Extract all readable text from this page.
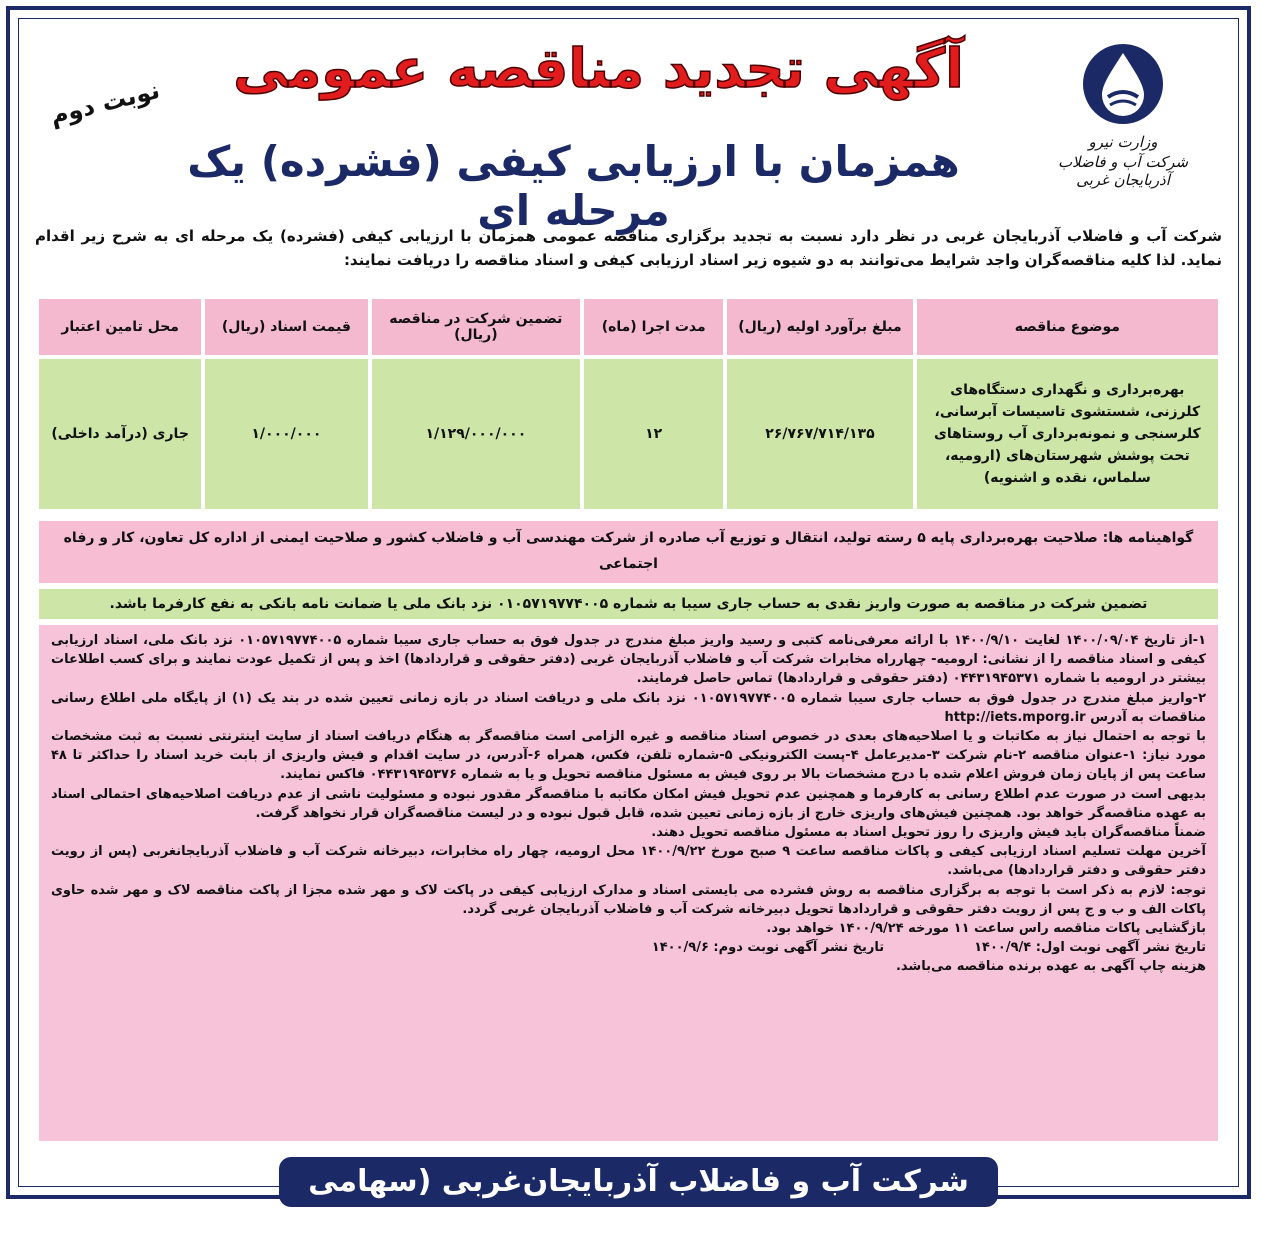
وزارت نیرو
شرکت آب و فاضلاب آذربایجان غربی
آگهی تجدید مناقصه عمومی
همزمان با ارزیابی کیفی (فشرده) یک مرحله ای
نوبت دوم
شرکت آب و فاضلاب آذربایجان غربی در نظر دارد نسبت به تجدید برگزاری مناقصه عمومی همزمان با ارزیابی کیفی (فشرده) یک مرحله ای به شرح زیر اقدام نماید. لذا کلیه مناقصه‌گران واجد شرایط می‌توانند به دو شیوه زیر اسناد ارزیابی کیفی و اسناد مناقصه را دریافت نمایند:
موضوع مناقصه	مبلغ برآورد اولیه (ریال)	مدت اجرا (ماه)	تضمین شرکت در مناقصه (ریال)	قیمت اسناد (ریال)	محل تامین اعتبار
بهره‌برداری و نگهداری دستگاه‌های کلرزنی، شستشوی تاسیسات آبرسانی، کلرسنجی و نمونه‌برداری آب روستاهای تحت پوشش شهرستان‌های (ارومیه، سلماس، نقده و اشنویه)	۲۶/۷۶۷/۷۱۴/۱۳۵	۱۲	۱/۱۲۹/۰۰۰/۰۰۰	۱/۰۰۰/۰۰۰	جاری (درآمد داخلی)
گواهینامه ها: صلاحیت بهره‌برداری پایه ۵ رسته تولید، انتقال و توزیع آب صادره از شرکت مهندسی آب و فاضلاب کشور و صلاحیت ایمنی از اداره کل تعاون، کار و رفاه اجتماعی
تضمین شرکت در مناقصه به صورت واریز نقدی به حساب جاری سیبا به شماره ۰۱۰۵۷۱۹۷۷۴۰۰۵ نزد بانک ملی یا ضمانت نامه بانکی به نفع کارفرما باشد.

۱-از تاریخ ۱۴۰۰/۰۹/۰۴ لغایت ۱۴۰۰/۹/۱۰ با ارائه معرفی‌نامه کتبی و رسید واریز مبلغ مندرج در جدول فوق به حساب جاری سیبا شماره ۰۱۰۵۷۱۹۷۷۴۰۰۵ نزد بانک ملی، اسناد ارزیابی کیفی و اسناد مناقصه را از نشانی: ارومیه- چهارراه مخابرات شرکت آب و فاضلاب آذربایجان غربی (دفتر حقوقی و قراردادها) اخذ و پس از تکمیل عودت نمایند و برای کسب اطلاعات بیشتر در ارومیه با شماره ۰۴۴۳۱۹۴۵۳۷۱ (دفتر حقوقی و قراردادها) تماس حاصل فرمایند.

۲-واریز مبلغ مندرج در جدول فوق به حساب جاری سیبا شماره ۰۱۰۵۷۱۹۷۷۴۰۰۵ نزد بانک ملی و دریافت اسناد در بازه زمانی تعیین شده در بند یک (۱) از پایگاه ملی اطلاع رسانی مناقصات به آدرس http://iets.mporg.ir

با توجه به احتمال نیاز به مکاتبات و یا اصلاحیه‌های بعدی در خصوص اسناد مناقصه و غیره الزامی است مناقصه‌گر به هنگام دریافت اسناد از سایت اینترنتی نسبت به ثبت مشخصات مورد نیاز: ۱-عنوان مناقصه ۲-نام شرکت ۳-مدیرعامل ۴-پست الکترونیکی ۵-شماره تلفن، فکس، همراه ۶-آدرس، در سایت اقدام و فیش واریزی از بابت خرید اسناد را حداکثر تا ۴۸ ساعت پس از پایان زمان فروش اعلام شده با درج مشخصات بالا بر روی فیش به مسئول مناقصه تحویل و یا به شماره ۰۴۴۳۱۹۴۵۳۷۶ فاکس نمایند.

بدیهی است در صورت عدم اطلاع رسانی به کارفرما و همچنین عدم تحویل فیش امکان مکاتبه با مناقصه‌گر مقدور نبوده و مسئولیت ناشی از عدم دریافت اصلاحیه‌های احتمالی اسناد به عهده مناقصه‌گر خواهد بود. همچنین فیش‌های واریزی خارج از بازه زمانی تعیین شده، قابل قبول نبوده و در لیست مناقصه‌گران قرار نخواهد گرفت.

ضمناً مناقصه‌گران باید فیش واریزی را روز تحویل اسناد به مسئول مناقصه تحویل دهند.

آخرین مهلت تسلیم اسناد ارزیابی کیفی و پاکات مناقصه ساعت ۹ صبح مورخ ۱۴۰۰/۹/۲۲ محل ارومیه، چهار راه مخابرات، دبیرخانه شرکت آب و فاضلاب آذربایجانغربی (پس از رویت دفتر حقوقی و دفتر قراردادها) می‌باشد.

توجه: لازم به ذکر است با توجه به برگزاری مناقصه به روش فشرده می بایستی اسناد و مدارک ارزیابی کیفی در پاکت لاک و مهر شده مجزا از پاکت مناقصه لاک و مهر شده حاوی پاکات الف و ب و ج پس از رویت دفتر حقوقی و قراردادها تحویل دبیرخانه شرکت آب و فاضلاب آذربایجان غربی گردد.

بازگشایی پاکات مناقصه راس ساعت ۱۱ مورخه ۱۴۰۰/۹/۲۴ خواهد بود.

تاریخ نشر آگهی نوبت اول: ۱۴۰۰/۹/۴
تاریخ نشر آگهی نوبت دوم: ۱۴۰۰/۹/۶

هزینه چاپ آگهی به عهده برنده مناقصه می‌باشد.

شرکت آب و فاضلاب آذربایجان‌غربی (سهامی خاص)
